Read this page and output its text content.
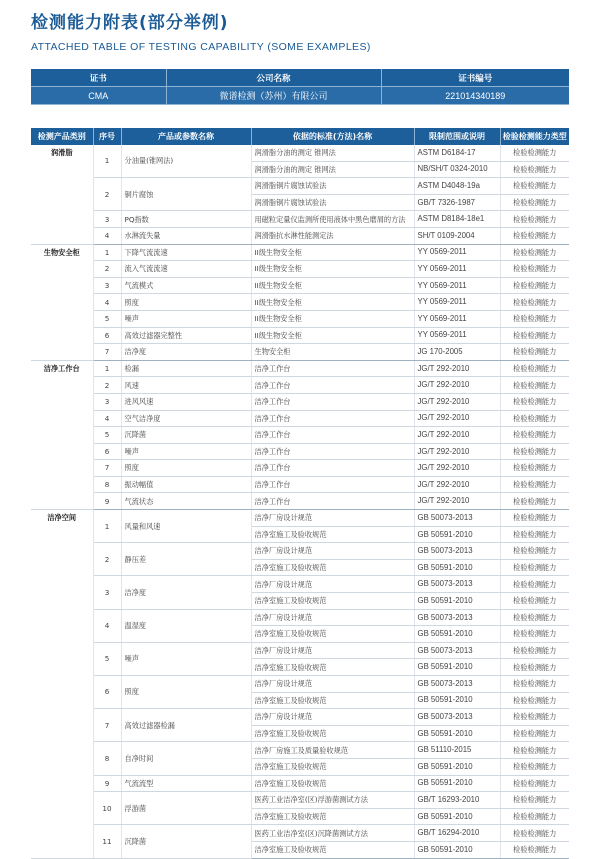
检测能力附表(部分举例)
ATTACHED TABLE OF TESTING CAPABILITY (SOME EXAMPLES)
证书	公司名称	证书编号
CMA	微谱检测（苏州）有限公司	221014340189
检测产品类别	序号	产品或参数名称	依据的标准(方法)名称	限制范围或说明	检验检测能力类型
润滑脂	1	分油量(锥网法)	润滑脂分油的测定 锥网法	ASTM D6184-17	检验检测能力
			润滑脂分油的测定 锥网法	NB/SH/T 0324-2010	检验检测能力
	2	铜片腐蚀	润滑脂铜片腐蚀试验法	ASTM D4048-19a	检验检测能力
			润滑脂铜片腐蚀试验法	GB/T 7326-1987	检验检测能力
	3	PQ指数	用磁粒定量仪监测所使用液体中黑色磨屑的方法	ASTM D8184-18e1	检验检测能力
	4	水淋流失量	润滑脂抗水淋性能测定法	SH/T 0109-2004	检验检测能力
生物安全柜	1	下降气流流速	II级生物安全柜	YY 0569-2011	检验检测能力
	2	流入气流流速	II级生物安全柜	YY 0569-2011	检验检测能力
	3	气流模式	II级生物安全柜	YY 0569-2011	检验检测能力
	4	照度	II级生物安全柜	YY 0569-2011	检验检测能力
	5	噪声	II级生物安全柜	YY 0569-2011	检验检测能力
	6	高效过滤器完整性	II级生物安全柜	YY 0569-2011	检验检测能力
	7	洁净度	生物安全柜	JG 170-2005	检验检测能力
洁净工作台	1	检漏	洁净工作台	JG/T 292-2010	检验检测能力
	2	风速	洁净工作台	JG/T 292-2010	检验检测能力
	3	进风风速	洁净工作台	JG/T 292-2010	检验检测能力
	4	空气洁净度	洁净工作台	JG/T 292-2010	检验检测能力
	5	沉降菌	洁净工作台	JG/T 292-2010	检验检测能力
	6	噪声	洁净工作台	JG/T 292-2010	检验检测能力
	7	照度	洁净工作台	JG/T 292-2010	检验检测能力
	8	振动幅值	洁净工作台	JG/T 292-2010	检验检测能力
	9	气流状态	洁净工作台	JG/T 292-2010	检验检测能力
洁净空间	1	风量和风速	洁净厂房设计规范	GB 50073-2013	检验检测能力
			洁净室施工及验收规范	GB 50591-2010	检验检测能力
	2	静压差	洁净厂房设计规范	GB 50073-2013	检验检测能力
			洁净室施工及验收规范	GB 50591-2010	检验检测能力
	3	洁净度	洁净厂房设计规范	GB 50073-2013	检验检测能力
			洁净室施工及验收规范	GB 50591-2010	检验检测能力
	4	温湿度	洁净厂房设计规范	GB 50073-2013	检验检测能力
			洁净室施工及验收规范	GB 50591-2010	检验检测能力
	5	噪声	洁净厂房设计规范	GB 50073-2013	检验检测能力
			洁净室施工及验收规范	GB 50591-2010	检验检测能力
	6	照度	洁净厂房设计规范	GB 50073-2013	检验检测能力
			洁净室施工及验收规范	GB 50591-2010	检验检测能力
	7	高效过滤器检漏	洁净厂房设计规范	GB 50073-2013	检验检测能力
			洁净室施工及验收规范	GB 50591-2010	检验检测能力
	8	自净时间	洁净厂房施工及质量验收规范	GB 51110-2015	检验检测能力
			洁净室施工及验收规范	GB 50591-2010	检验检测能力
	9	气流流型	洁净室施工及验收规范	GB 50591-2010	检验检测能力
	10	浮游菌	医药工业洁净室(区)浮游菌测试方法	GB/T 16293-2010	检验检测能力
			洁净室施工及验收规范	GB 50591-2010	检验检测能力
	11	沉降菌	医药工业洁净室(区)沉降菌测试方法	GB/T 16294-2010	检验检测能力
			洁净室施工及验收规范	GB 50591-2010	检验检测能力
